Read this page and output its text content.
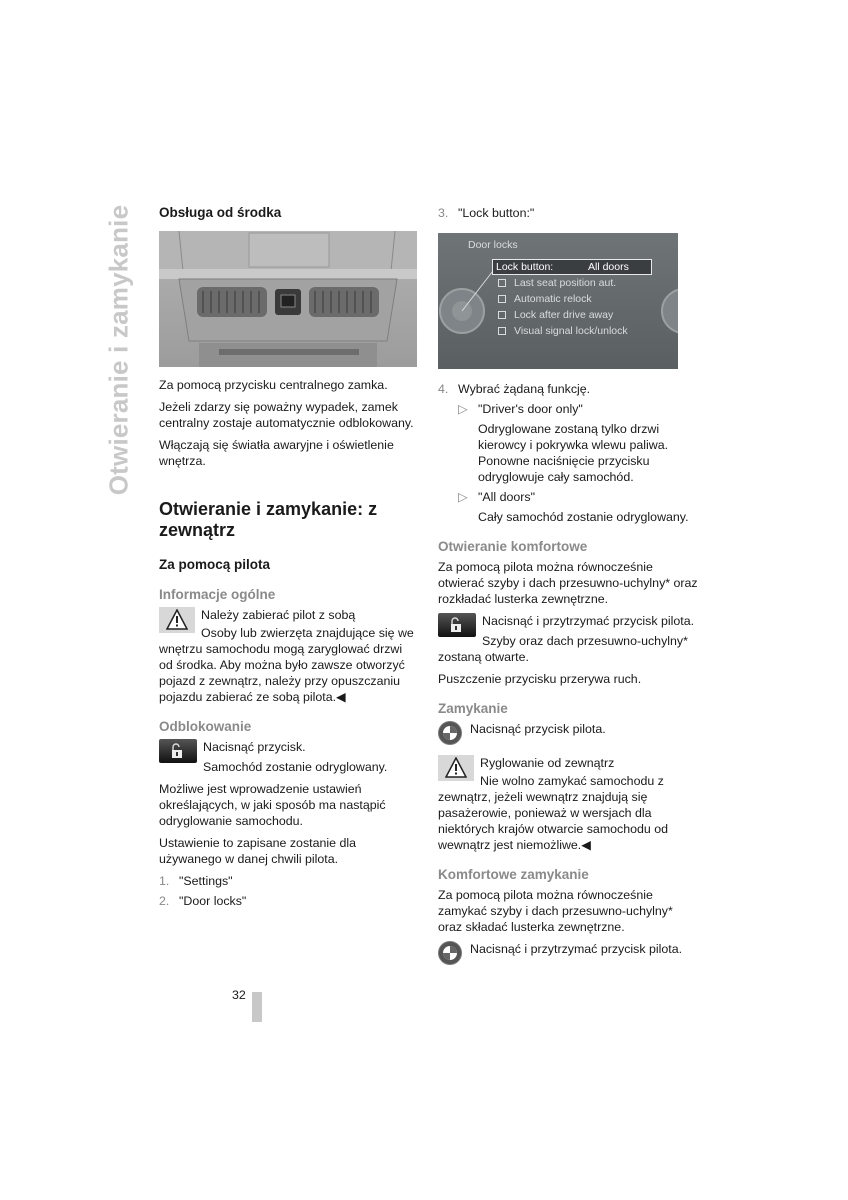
Otwieranie i zamykanie Obsługa od środka

Za pomocą przycisku centralnego zamka.

Jeżeli zdarzy się poważny wypadek, zamek centralny zostaje automatycznie odblokowany.

Włączają się światła awaryjne i oświetlenie wnętrza.

Otwieranie i zamykanie: z zewnątrz
Za pomocą pilota
Informacje ogólne

Należy zabierać pilot z sobą

Osoby lub zwierzęta znajdujące się we wnętrzu samochodu mogą zaryglować drzwi od środka. Aby można było zawsze otworzyć pojazd z zewnątrz, należy przy opuszczaniu pojazdu zabierać ze sobą pilota.◀

Odblokowanie

Nacisnąć przycisk.

Samochód zostanie odryglowany.

Możliwe jest wprowadzenie ustawień określających, w jaki sposób ma nastąpić odryglowanie samochodu.

Ustawienie to zapisane zostanie dla używanego w danej chwili pilota.

1. "Settings"

2. "Door locks"

3. "Lock button:"

Door locks
Lock button:	All doors
Last seat position aut.
Automatic relock
Lock after drive away
Visual signal lock/unlock

4. Wybrać żądaną funkcję.

▷ "Driver's door only"

Odryglowane zostaną tylko drzwi kierowcy i pokrywka wlewu paliwa. Ponowne naciśnięcie przycisku odryglowuje cały samochód.

▷ "All doors"

Cały samochód zostanie odryglowany.

Otwieranie komfortowe

Za pomocą pilota można równocześnie otwierać szyby i dach przesuwno-uchylny* oraz rozkładać lusterka zewnętrzne.

Nacisnąć i przytrzymać przycisk pilota.

Szyby oraz dach przesuwno-uchylny* zostaną otwarte.

Puszczenie przycisku przerywa ruch.

Zamykanie

Nacisnąć przycisk pilota.

Ryglowanie od zewnątrz

Nie wolno zamykać samochodu z zewnątrz, jeżeli wewnątrz znajdują się pasażerowie, ponieważ w wersjach dla niektórych krajów otwarcie samochodu od wewnątrz jest niemożliwe.◀

Komfortowe zamykanie

Za pomocą pilota można równocześnie zamykać szyby i dach przesuwno-uchylny* oraz składać lusterka zewnętrzne.

Nacisnąć i przytrzymać przycisk pilota.

32
